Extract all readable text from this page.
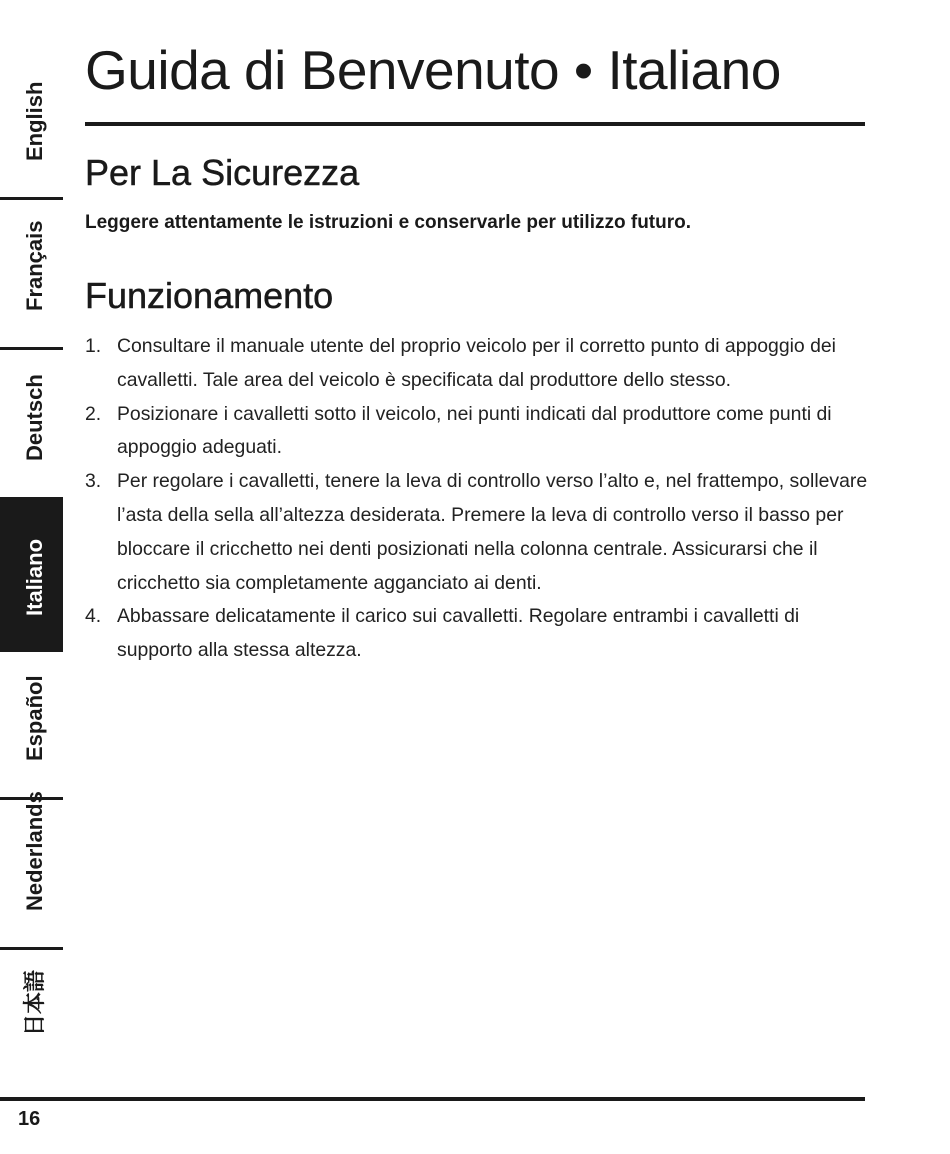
English
Français
Deutsch
Italiano
Español
Nederlands
日本語
Guida di Benvenuto • Italiano
Per La Sicurezza

Leggere attentamente le istruzioni e conservarle per utilizzo futuro.

Funzionamento
1. Consultare il manuale utente del proprio veicolo per il corretto punto di appoggio dei cavalletti. Tale area del veicolo è specificata dal produttore dello stesso.
2. Posizionare i cavalletti sotto il veicolo, nei punti indicati dal produttore come punti di appoggio adeguati.
3. Per regolare i cavalletti, tenere la leva di controllo verso l’alto e, nel frattempo, sollevare l’asta della sella all’altezza desiderata. Premere la leva di controllo verso il basso per bloccare il cricchetto nei denti posizionati nella colonna centrale. Assicurarsi che il cricchetto sia completamente agganciato ai denti.
4. Abbassare delicatamente il carico sui cavalletti. Regolare entrambi i cavalletti di supporto alla stessa altezza.
16
